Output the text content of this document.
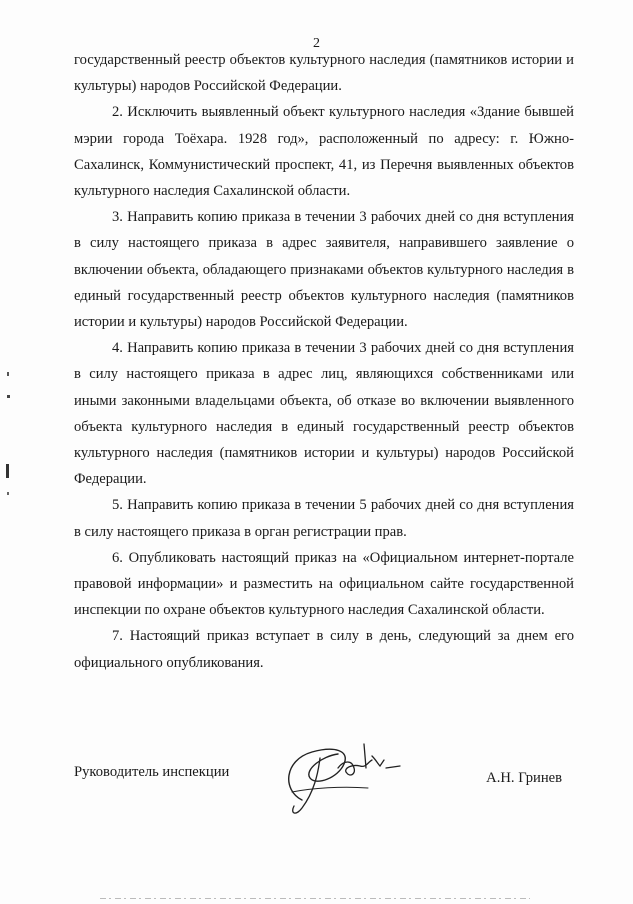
2

государственный реестр объектов культурного наследия (памятников истории и культуры) народов Российской Федерации.

2. Исключить выявленный объект культурного наследия «Здание бывшей мэрии города Тоёхара. 1928 год», расположенный по адресу: г. Южно-Сахалинск, Коммунистический проспект, 41, из Перечня выявленных объектов культурного наследия Сахалинской области.

3. Направить копию приказа в течении 3 рабочих дней со дня вступления в силу настоящего приказа в адрес заявителя, направившего заявление о включении объекта, обладающего признаками объектов культурного наследия в единый государственный реестр объектов культурного наследия (памятников истории и культуры) народов Российской Федерации.

4. Направить копию приказа в течении 3 рабочих дней со дня вступления в силу настоящего приказа в адрес лиц, являющихся собственниками или иными законными владельцами объекта, об отказе во включении выявленного объекта культурного наследия в единый государственный реестр объектов культурного наследия (памятников истории и культуры) народов Российской Федерации.

5. Направить копию приказа в течении 5 рабочих дней со дня вступления в силу настоящего приказа в орган регистрации прав.

6. Опубликовать настоящий приказ на «Официальном интернет-портале правовой информации» и разместить на официальном сайте государственной инспекции по охране объектов культурного наследия Сахалинской области.

7. Настоящий приказ вступает в силу в день, следующий за днем его официального опубликования.

Руководитель инспекции	А.Н. Гринев
